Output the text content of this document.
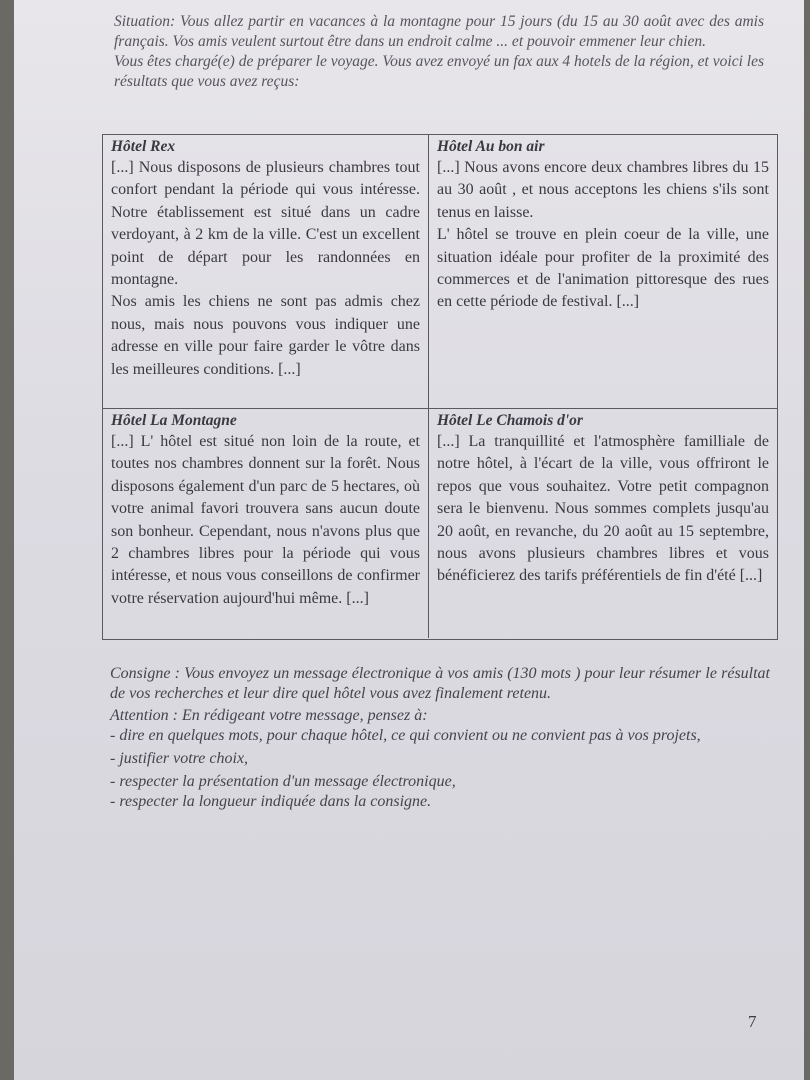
Situation: Vous allez partir en vacances à la montagne pour 15 jours (du 15 au 30 août avec des amis français. Vos amis veulent surtout être dans un endroit calme ... et pouvoir emmener leur chien.

Vous êtes chargé(e) de préparer le voyage. Vous avez envoyé un fax aux 4 hotels de la région, et voici les résultats que vous avez reçus:

Hôtel Rex

[...] Nous disposons de plusieurs chambres tout confort pendant la période qui vous intéresse. Notre établissement est situé dans un cadre verdoyant, à 2 km de la ville. C'est un excellent point de départ pour les randonnées en montagne.

Nos amis les chiens ne sont pas admis chez nous, mais nous pouvons vous indiquer une adresse en ville pour faire garder le vôtre dans les meilleures conditions. [...]

Hôtel Au bon air

[...] Nous avons encore deux chambres libres du 15 au 30 août , et nous acceptons les chiens s'ils sont tenus en laisse.

L' hôtel se trouve en plein coeur de la ville, une situation idéale pour profiter de la proximité des commerces et de l'animation pittoresque des rues en cette période de festival. [...]

Hôtel La Montagne

[...] L' hôtel est situé non loin de la route, et toutes nos chambres donnent sur la forêt. Nous disposons également d'un parc de 5 hectares, où votre animal favori trouvera sans aucun doute son bonheur. Cependant, nous n'avons plus que 2 chambres libres pour la période qui vous intéresse, et nous vous conseillons de confirmer votre réservation aujourd'hui même. [...]

Hôtel Le Chamois d'or

[...] La tranquillité et l'atmosphère familliale de notre hôtel, à l'écart de la ville, vous offriront le repos que vous souhaitez. Votre petit compagnon sera le bienvenu. Nous sommes complets jusqu'au 20 août, en revanche, du 20 août au 15 septembre, nous avons plusieurs chambres libres et vous bénéficierez des tarifs préférentiels de fin d'été [...]

Consigne : Vous envoyez un message électronique à vos amis (130 mots ) pour leur résumer le résultat de vos recherches et leur dire quel hôtel vous avez finalement retenu.

Attention : En rédigeant votre message, pensez à:

- dire en quelques mots, pour chaque hôtel, ce qui convient ou ne convient pas à vos projets,
- justifier votre choix,
- respecter la présentation d'un message électronique,
- respecter la longueur indiquée dans la consigne.
7
